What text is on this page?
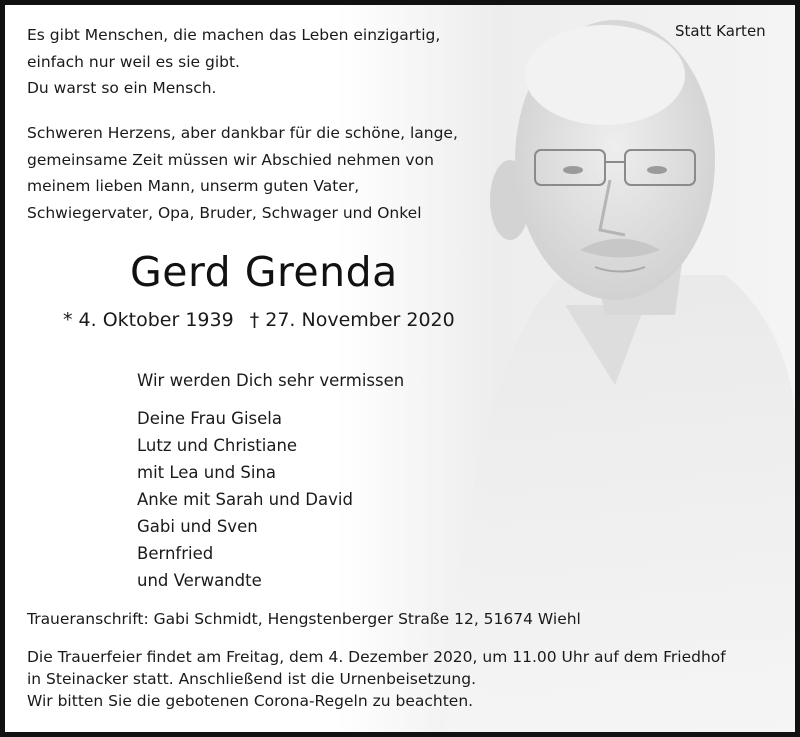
Statt Karten
Es gibt Menschen, die machen das Leben einzigartig,
einfach nur weil es sie gibt.
Du warst so ein Mensch.
Schweren Herzens, aber dankbar für die schöne, lange,
gemeinsame Zeit müssen wir Abschied nehmen von
meinem lieben Mann, unserm guten Vater,
Schwiegervater, Opa, Bruder, Schwager und Onkel
Gerd Grenda
* 4. Oktober 1939 † 27. November 2020
Wir werden Dich sehr vermissen
Deine Frau Gisela
Lutz und Christiane
mit Lea und Sina
Anke mit Sarah und David
Gabi und Sven
Bernfried
und Verwandte
Traueranschrift: Gabi Schmidt, Hengstenberger Straße 12, 51674 Wiehl
Die Trauerfeier findet am Freitag, dem 4. Dezember 2020, um 11.00 Uhr auf dem Friedhof
in Steinacker statt. Anschließend ist die Urnenbeisetzung.
Wir bitten Sie die gebotenen Corona-Regeln zu beachten.
